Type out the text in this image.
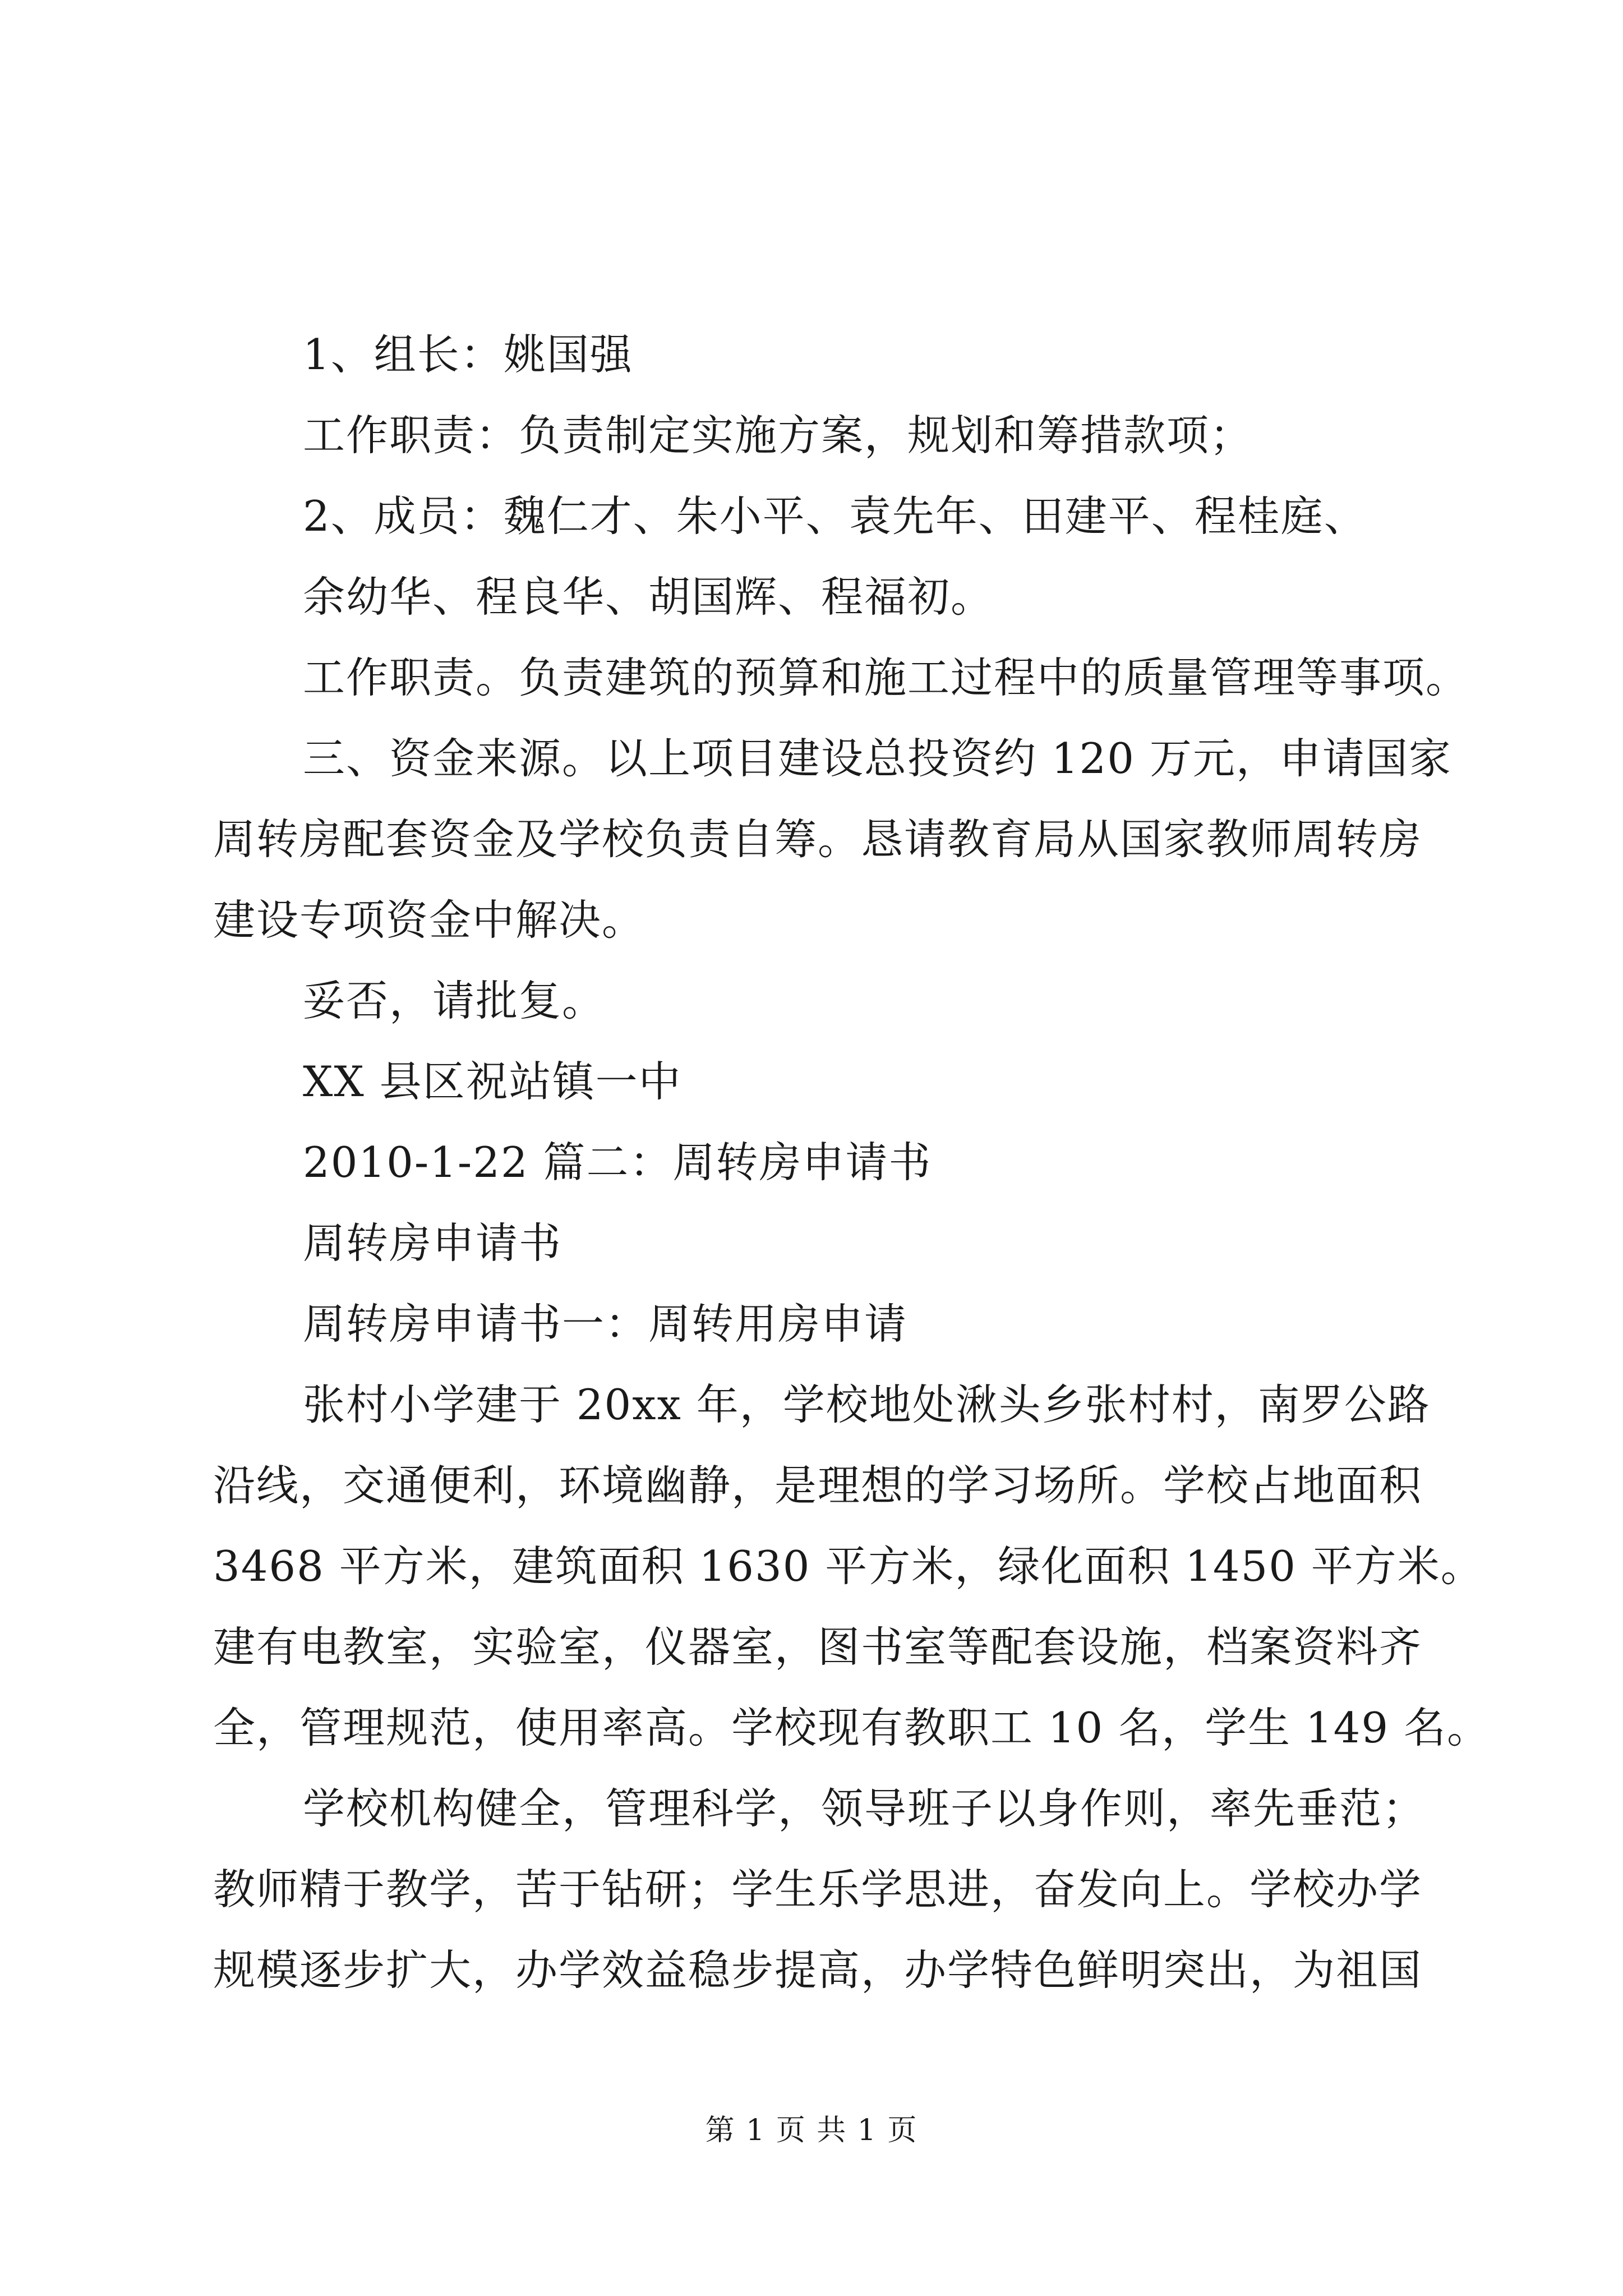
1、组长：姚国强

工作职责：负责制定实施方案，规划和筹措款项；

2、成员：魏仁才、朱小平、袁先年、田建平、程桂庭、

余幼华、程良华、胡国辉、程福初。

工作职责。负责建筑的预算和施工过程中的质量管理等事项。

三、资金来源。以上项目建设总投资约 120 万元，申请国家

周转房配套资金及学校负责自筹。恳请教育局从国家教师周转房

建设专项资金中解决。

妥否，请批复。

XX 县区祝站镇一中

2010-1-22 篇二：周转房申请书

周转房申请书

周转房申请书一：周转用房申请

张村小学建于 20xx 年，学校地处湫头乡张村村，南罗公路

沿线，交通便利，环境幽静，是理想的学习场所。学校占地面积

3468 平方米，建筑面积 1630 平方米，绿化面积 1450 平方米。

建有电教室，实验室，仪器室，图书室等配套设施，档案资料齐

全，管理规范，使用率高。学校现有教职工 10 名，学生 149 名。

学校机构健全，管理科学，领导班子以身作则，率先垂范；

教师精于教学，苦于钻研；学生乐学思进，奋发向上。学校办学

规模逐步扩大，办学效益稳步提高，办学特色鲜明突出，为祖国

第 1 页 共 1 页
